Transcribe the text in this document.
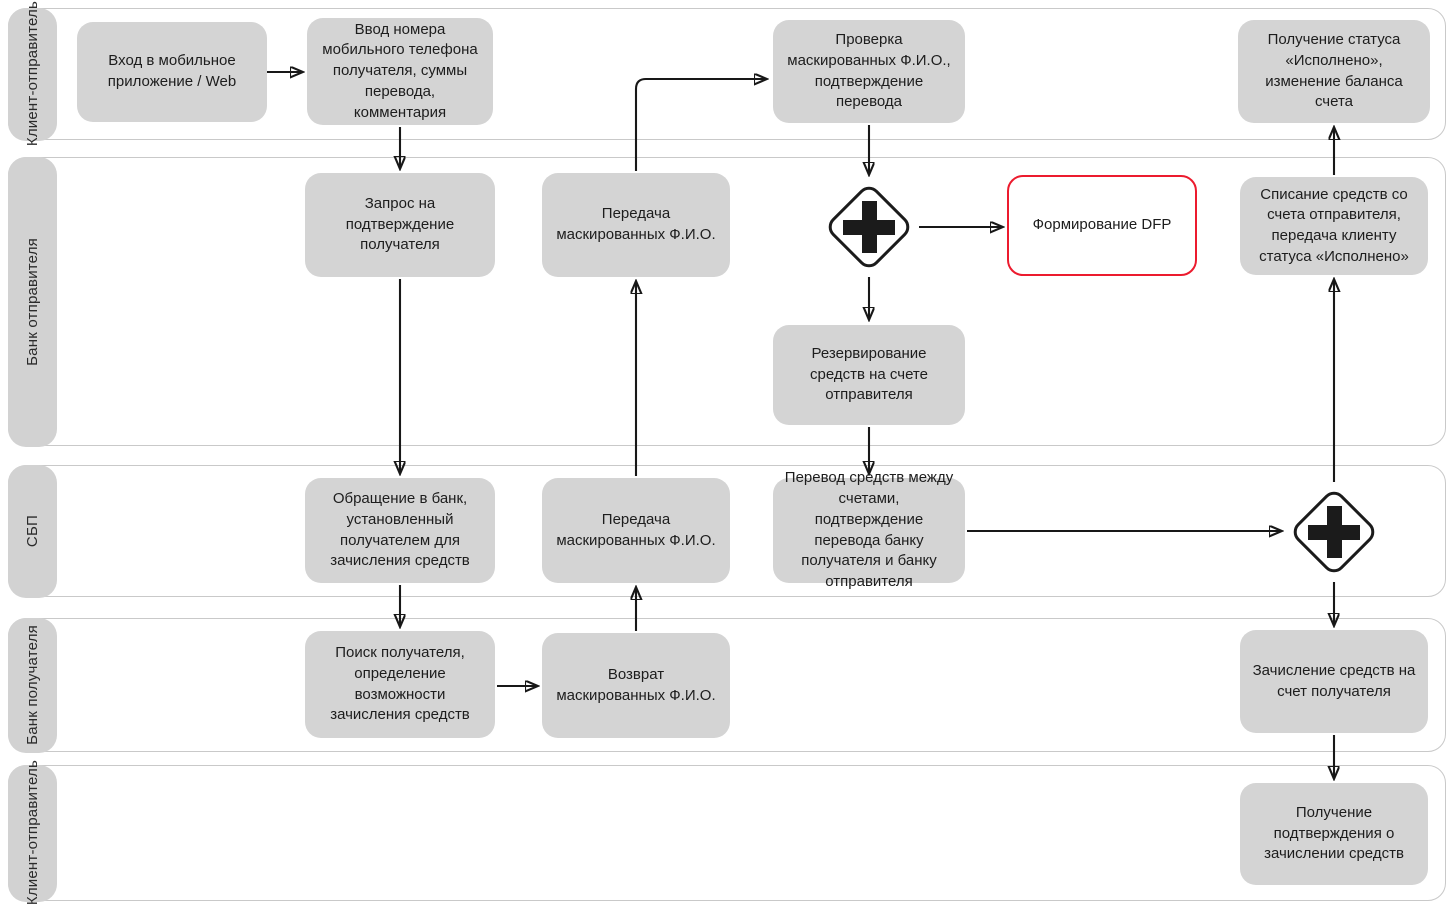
Клиент-отправитель
Банк отправителя
СБП
Банк получателя
Клиент-отправитель
Вход в мобильное приложение / Web
Ввод номера мобильного телефона получателя, суммы перевода, комментария
Проверка маскированных Ф.И.О., подтверждение перевода
Получение статуса «Исполнено», изменение баланса счета
Запрос на подтверждение получателя
Передача маскированных Ф.И.О.
Формирование DFP
Резервирование средств на счете отправителя
Списание средств со счета отправителя, передача клиенту статуса «Исполнено»
Обращение в банк, установленный получателем для зачисления средств
Передача маскированных Ф.И.О.
Перевод средств между счетами, подтверждение перевода банку получателя и банку отправителя
Поиск получателя, определение возможности зачисления средств
Возврат маскированных Ф.И.О.
Зачисление средств на счет получателя
Получение подтверждения о зачислении средств
